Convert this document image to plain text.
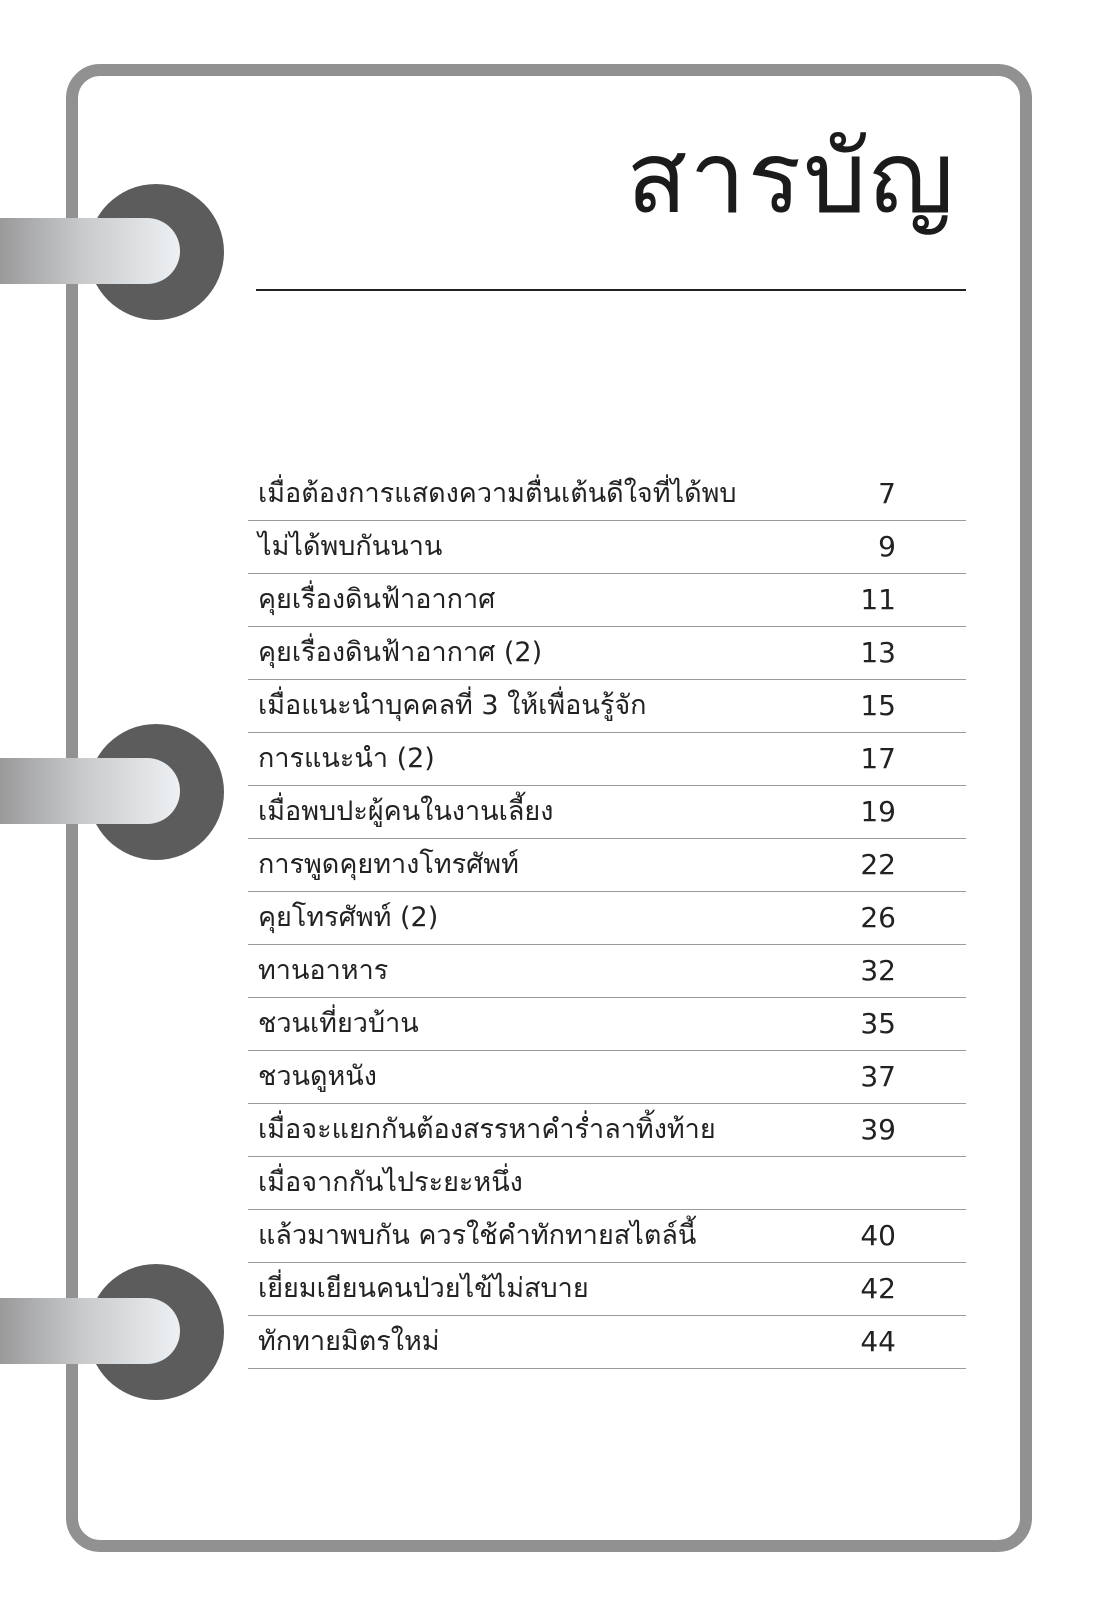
สารบัญ
เมื่อต้องการแสดงความตื่นเต้นดีใจที่ได้พบ	7
ไม่ได้พบกันนาน	9
คุยเรื่องดินฟ้าอากาศ	11
คุยเรื่องดินฟ้าอากาศ (2)	13
เมื่อแนะนำบุคคลที่ 3 ให้เพื่อนรู้จัก	15
การแนะนำ (2)	17
เมื่อพบปะผู้คนในงานเลี้ยง	19
การพูดคุยทางโทรศัพท์	22
คุยโทรศัพท์ (2)	26
ทานอาหาร	32
ชวนเที่ยวบ้าน	35
ชวนดูหนัง	37
เมื่อจะแยกกันต้องสรรหาคำร่ำลาทิ้งท้าย	39
เมื่อจากกันไประยะหนึ่ง
แล้วมาพบกัน ควรใช้คำทักทายสไตล์นี้	40
เยี่ยมเยียนคนป่วยไข้ไม่สบาย	42
ทักทายมิตรใหม่	44
